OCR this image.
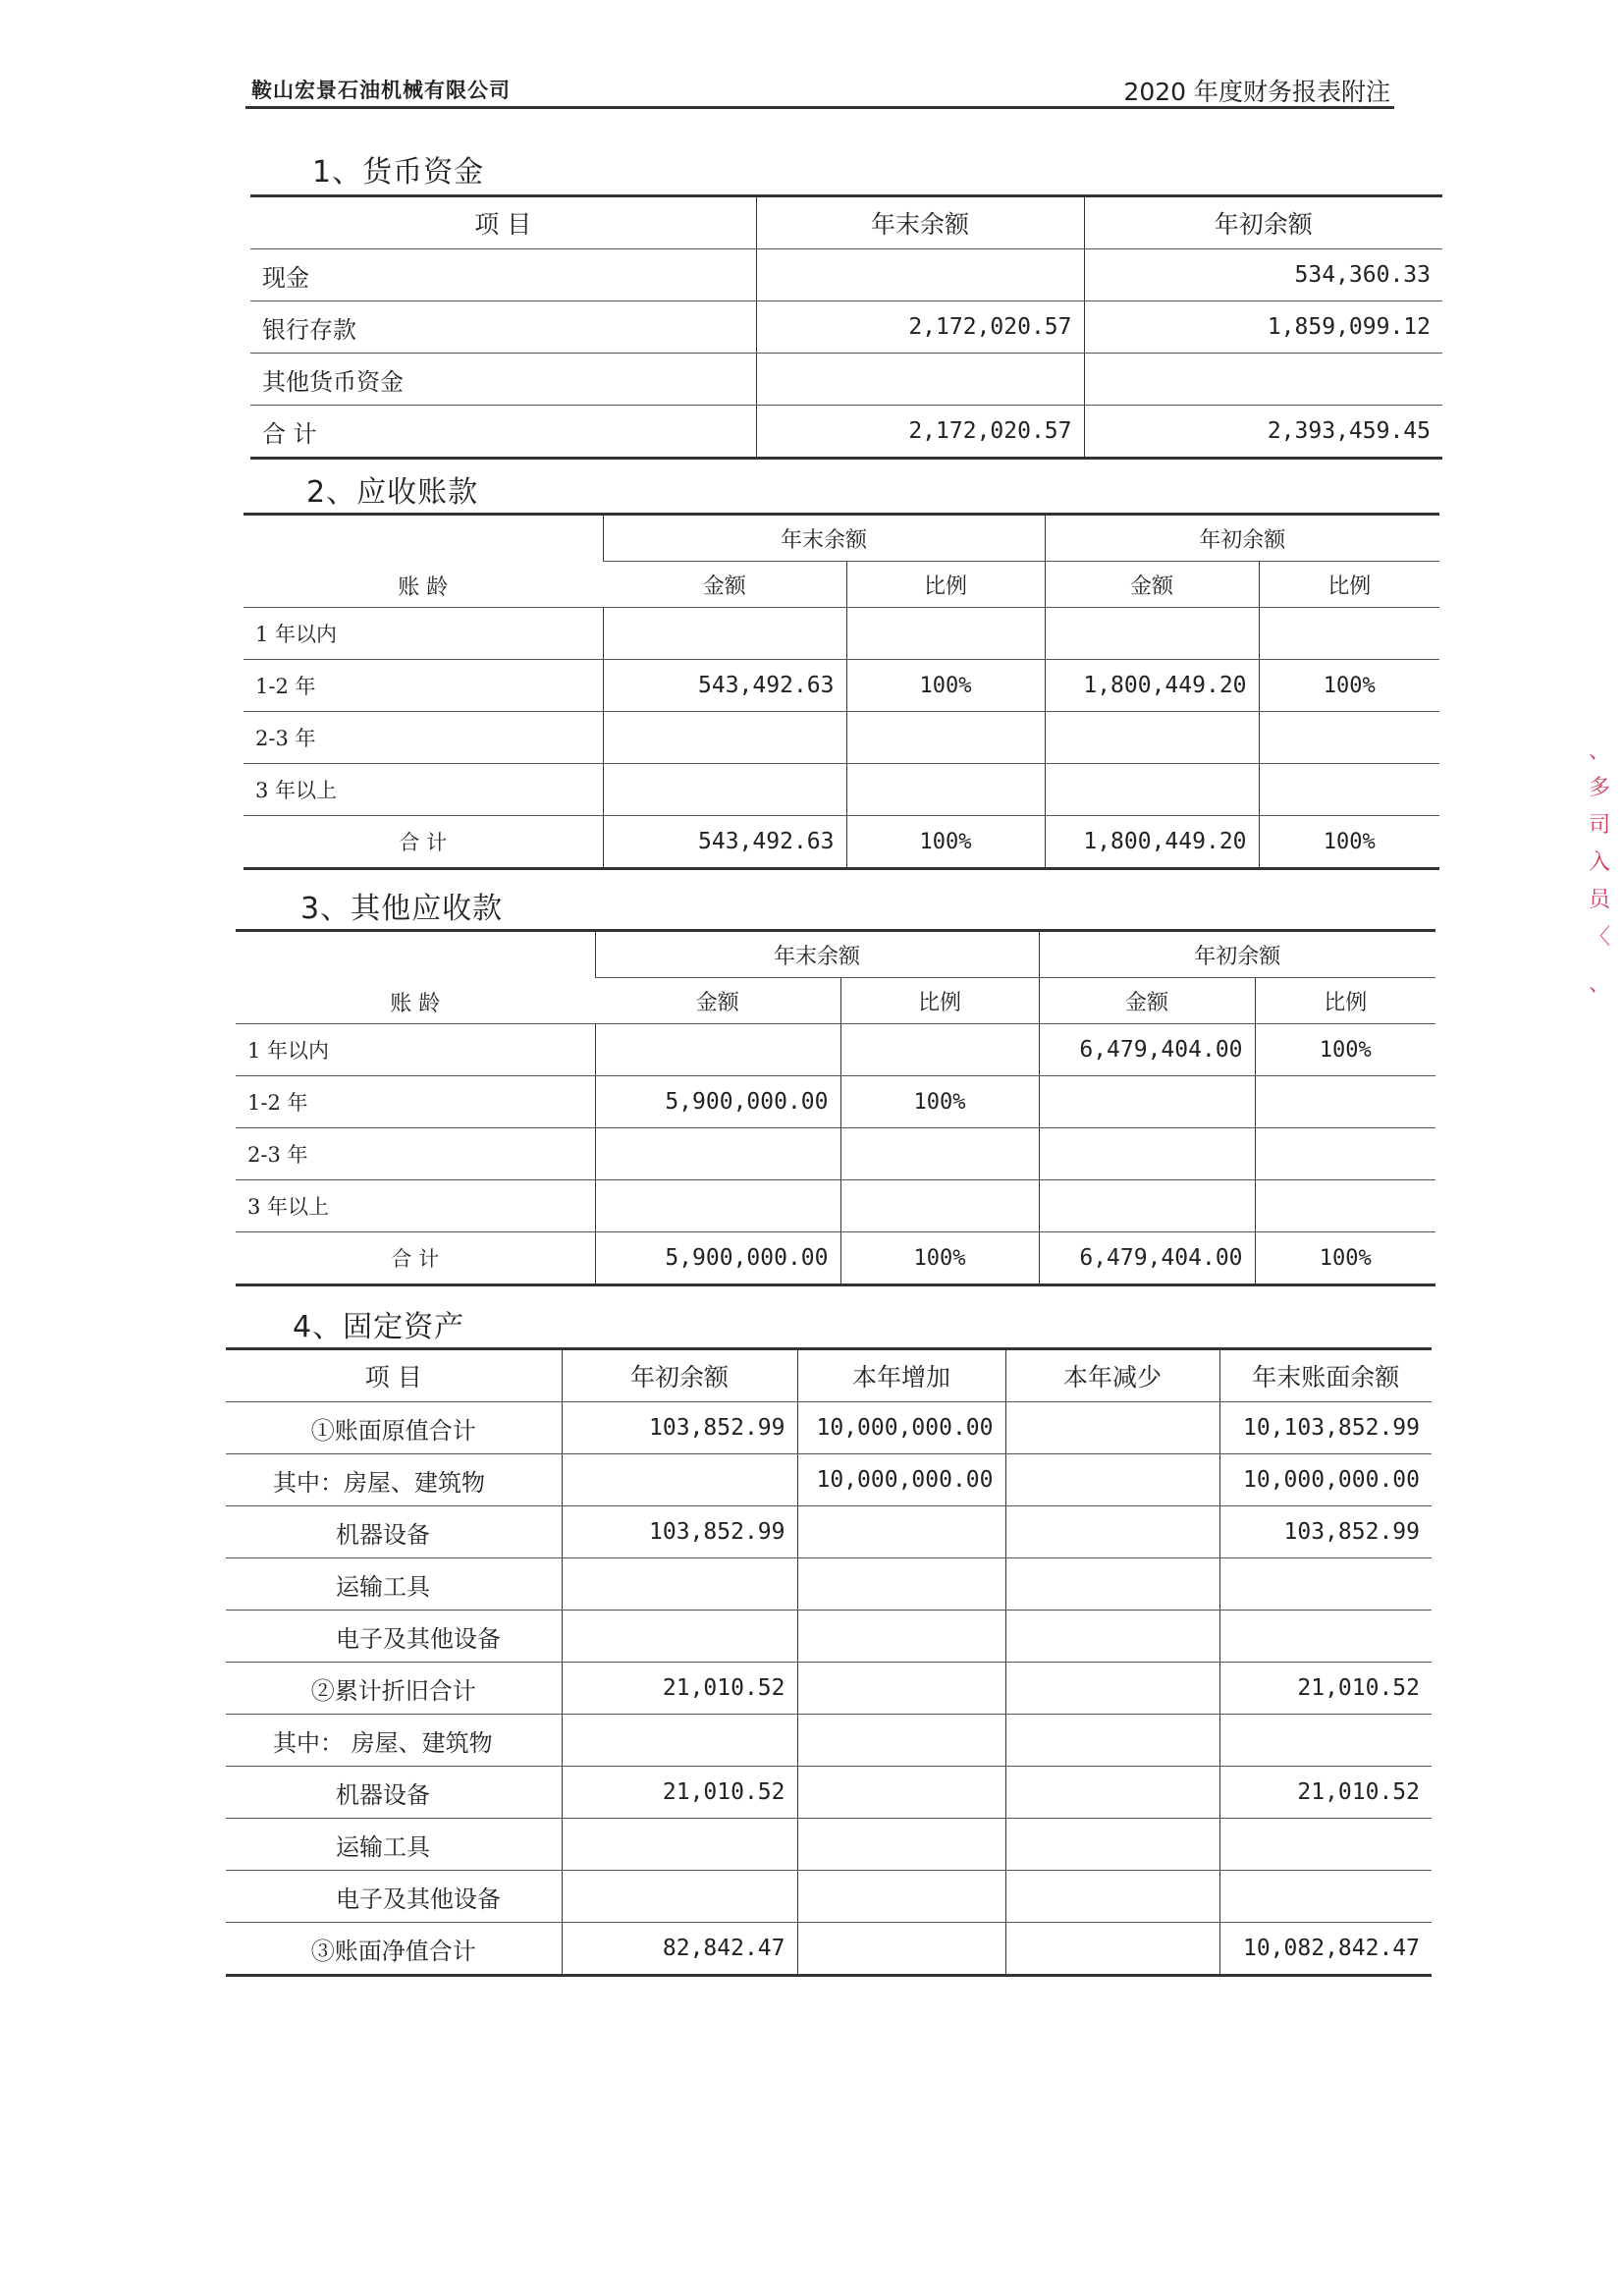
鞍山宏景石油机械有限公司	2020 年度财务报表附注
1、货币资金
项 目	年末余额	年初余额
现金		534,360.33
银行存款	2,172,020.57	1,859,099.12
其他货币资金		
合 计	2,172,020.57	2,393,459.45
2、应收账款
账 龄	年末余额		年初余额	
	金额	比例	金额	比例
1 年以内				
1-2 年	543,492.63	100%	1,800,449.20	100%
2-3 年				
3 年以上				
合 计	543,492.63	100%	1,800,449.20	100%
3、其他应收款
账 龄	年末余额		年初余额	
	金额	比例	金额	比例
1 年以内			6,479,404.00	100%
1-2 年	5,900,000.00	100%		
2-3 年				
3 年以上				
合 计	5,900,000.00	100%	6,479,404.00	100%
4、固定资产
项 目	年初余额	本年增加	本年减少	年末账面余额
①账面原值合计	103,852.99	10,000,000.00		10,103,852.99
其中：房屋、建筑物		10,000,000.00		10,000,000.00
机器设备	103,852.99			103,852.99
运输工具				
电子及其他设备				
②累计折旧合计	21,010.52			21,010.52
其中： 房屋、建筑物				
机器设备	21,010.52			21,010.52
运输工具				
电子及其他设备				
③账面净值合计	82,842.47			10,082,842.47
、
多
司
入
员
〈
、
